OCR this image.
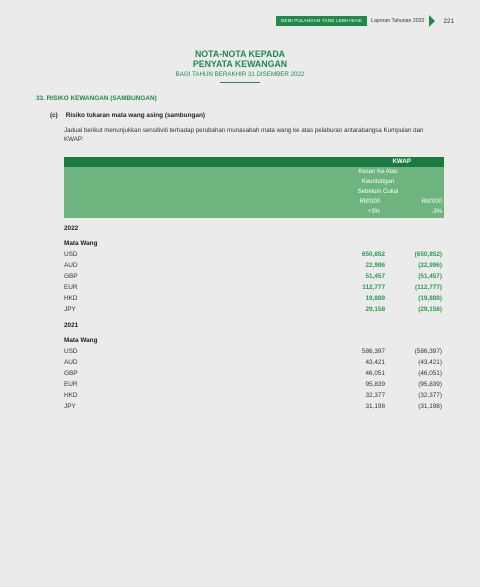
DEMI PULANGAN YANG LEBIH BAIK	Laporan Tahunan 2022	221
NOTA-NOTA KEPADA
PENYATA KEWANGAN
BAGI TAHUN BERAKHIR 31 DISEMBER 2022
33. RISIKO KEWANGAN (SAMBUNGAN)
(c) Risiko tukaran mata wang asing (sambungan)
Jadual berikut menunjukkan sensitiviti terhadap perubahan munasabah mata wang ke atas pelaburan antarabangsa Kumpulan dan KWAP:
KWAP
Kesan Ke Atas
Keuntungan
Sebelum Cukai
RM'000	RM'000
+3%	-3%
2022
Mata Wang
USD	650,852	(650,852)
AUD	22,996	(22,996)
GBP	51,457	(51,457)
EUR	112,777	(112,777)
HKD	19,889	(19,889)
JPY	29,158	(29,158)
2021
Mata Wang
USD	586,397	(586,397)
AUD	43,421	(43,421)
GBP	46,051	(46,051)
EUR	95,839	(95,839)
HKD	32,377	(32,377)
JPY	31,198	(31,198)
